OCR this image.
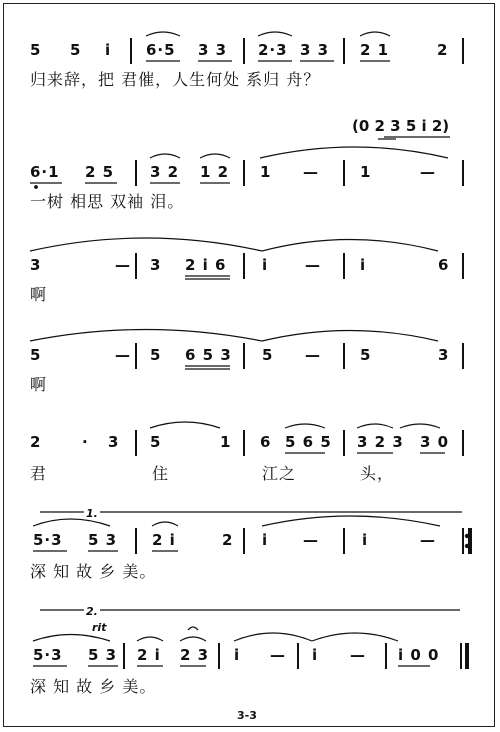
5 5 i 6·5 3 3 2·3 3 3 2 1	2
归来辞，把 君催，人生何处 系归 舟？
(0 2 3 5 i 2)
6·1 2 5 3 2 1 2 1 —	1	—
一树 相思 双袖 泪。
3	— 3 2 i 6 i —	i	6
啊
5	— 5 6 5 3 5 —	5	3
啊
2	· 3 5	1 6 5 6 5 3 2 3 3 0
君	住	江之	头，
1.
5·3 5 3 2 i	2 i —	i	—
深 知 故 乡 美。
2.
rit
5·3 5 3 2 i 2 3 i — i — i 0 0
深 知 故 乡 美。
3-3
